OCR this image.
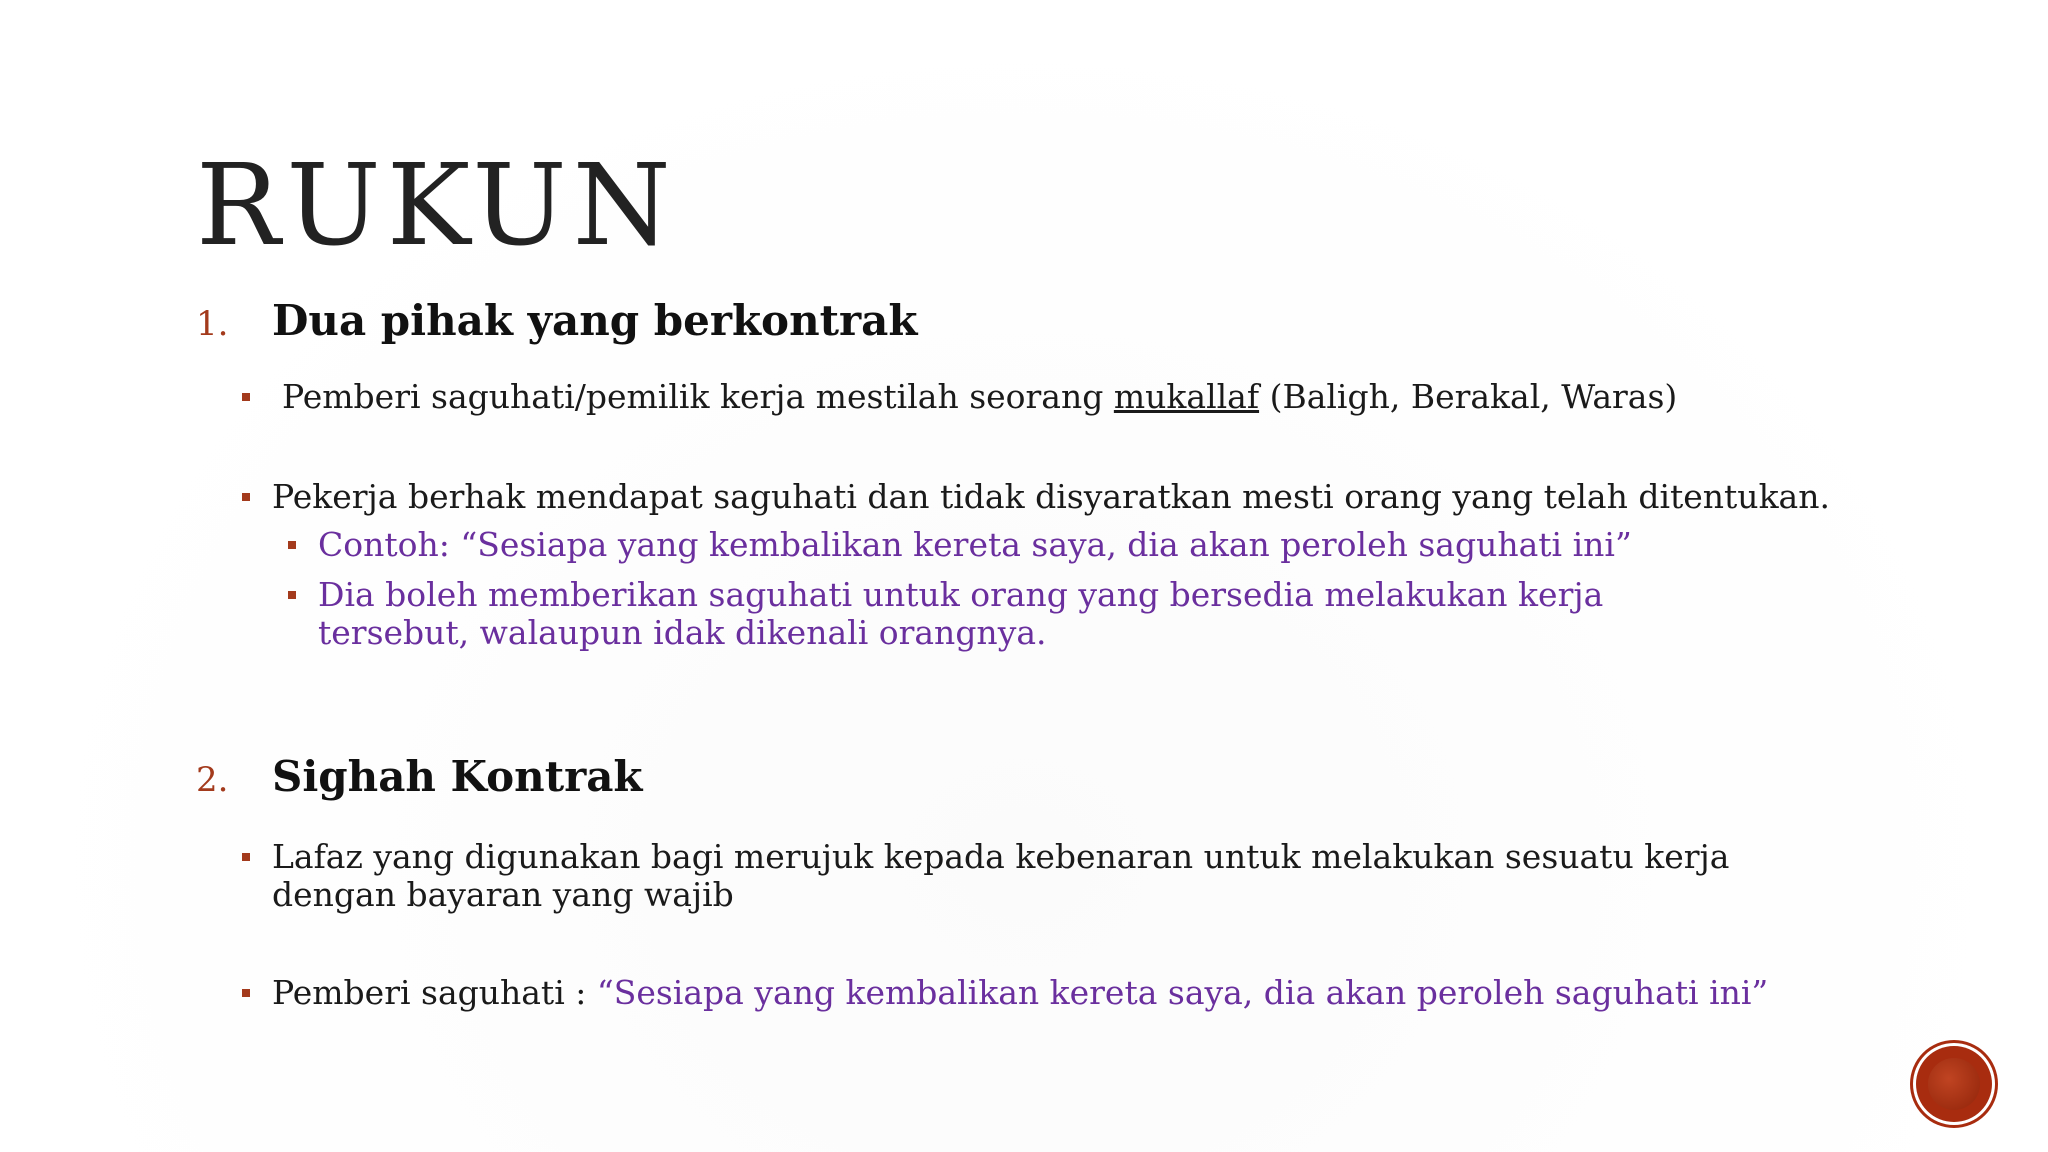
RUKUN
1.	Dua pihak yang berkontrak
Pemberi saguhati/pemilik kerja mestilah seorang mukallaf (Baligh, Berakal, Waras)
Pekerja berhak mendapat saguhati dan tidak disyaratkan mesti orang yang telah ditentukan.
Contoh: “Sesiapa yang kembalikan kereta saya, dia akan peroleh saguhati ini”
Dia boleh memberikan saguhati untuk orang yang bersedia melakukan kerja tersebut, walaupun idak dikenali orangnya.
2.	Sighah Kontrak
Lafaz yang digunakan bagi merujuk kepada kebenaran untuk melakukan sesuatu kerja dengan bayaran yang wajib
Pemberi saguhati : “Sesiapa yang kembalikan kereta saya, dia akan peroleh saguhati ini”
